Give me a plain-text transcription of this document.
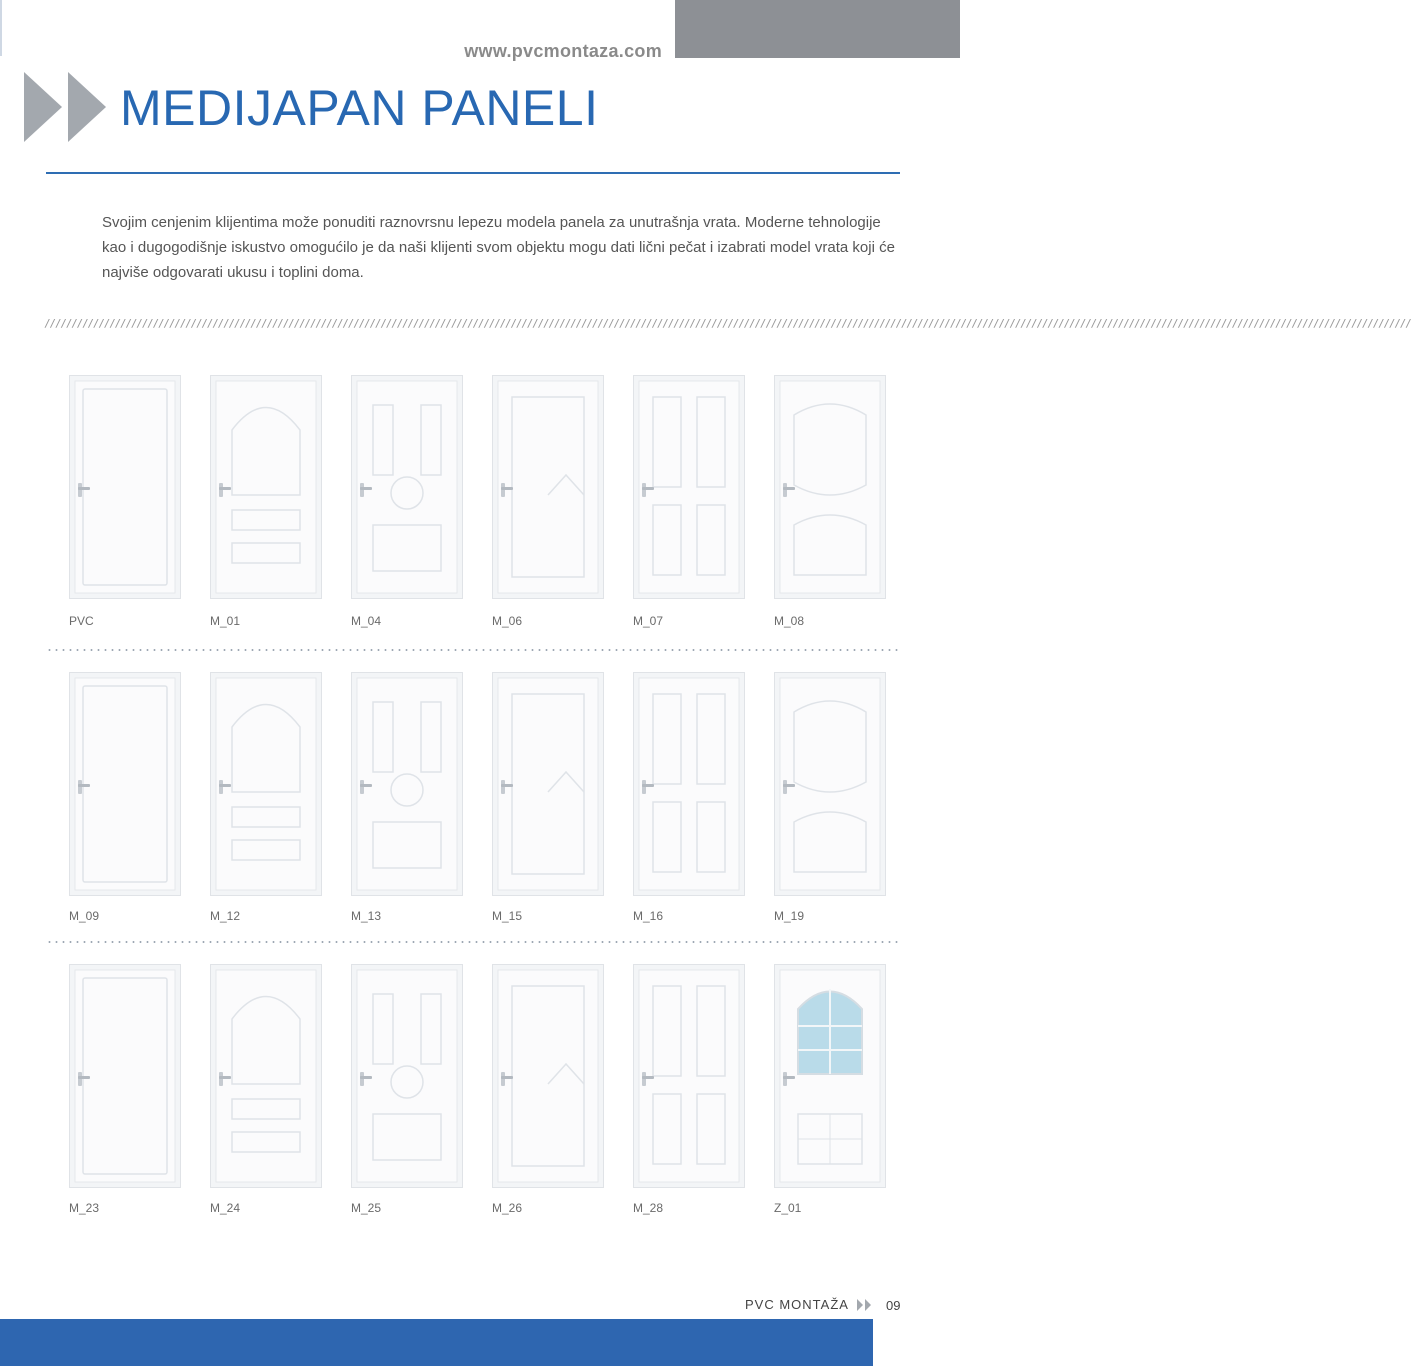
www.pvcmontaza.com
MEDIJAPAN PANELI

Svojim cenjenim klijentima može ponuditi raznovrsnu lepezu modela panela za unutrašnja vrata. Moderne tehnologije kao i dugogodišnje iskustvo omogućilo je da naši klijenti svom objektu mogu dati lični pečat i izabrati model vrata koji će najviše odgovarati ukusu i toplini doma.

////////////////////////////////////////////////////////////////////////////////////////////////////////////////////////////////////////////////////////////////////////////////////////////////////////////////////////////////////////////////////////////
PVC	M_01	M_04	M_06	M_07	M_08
M_09	M_12	M_13	M_15	M_16	M_19
M_23	M_24	M_25	M_26	M_28	Z_01
PVC MONTAŽA	09
